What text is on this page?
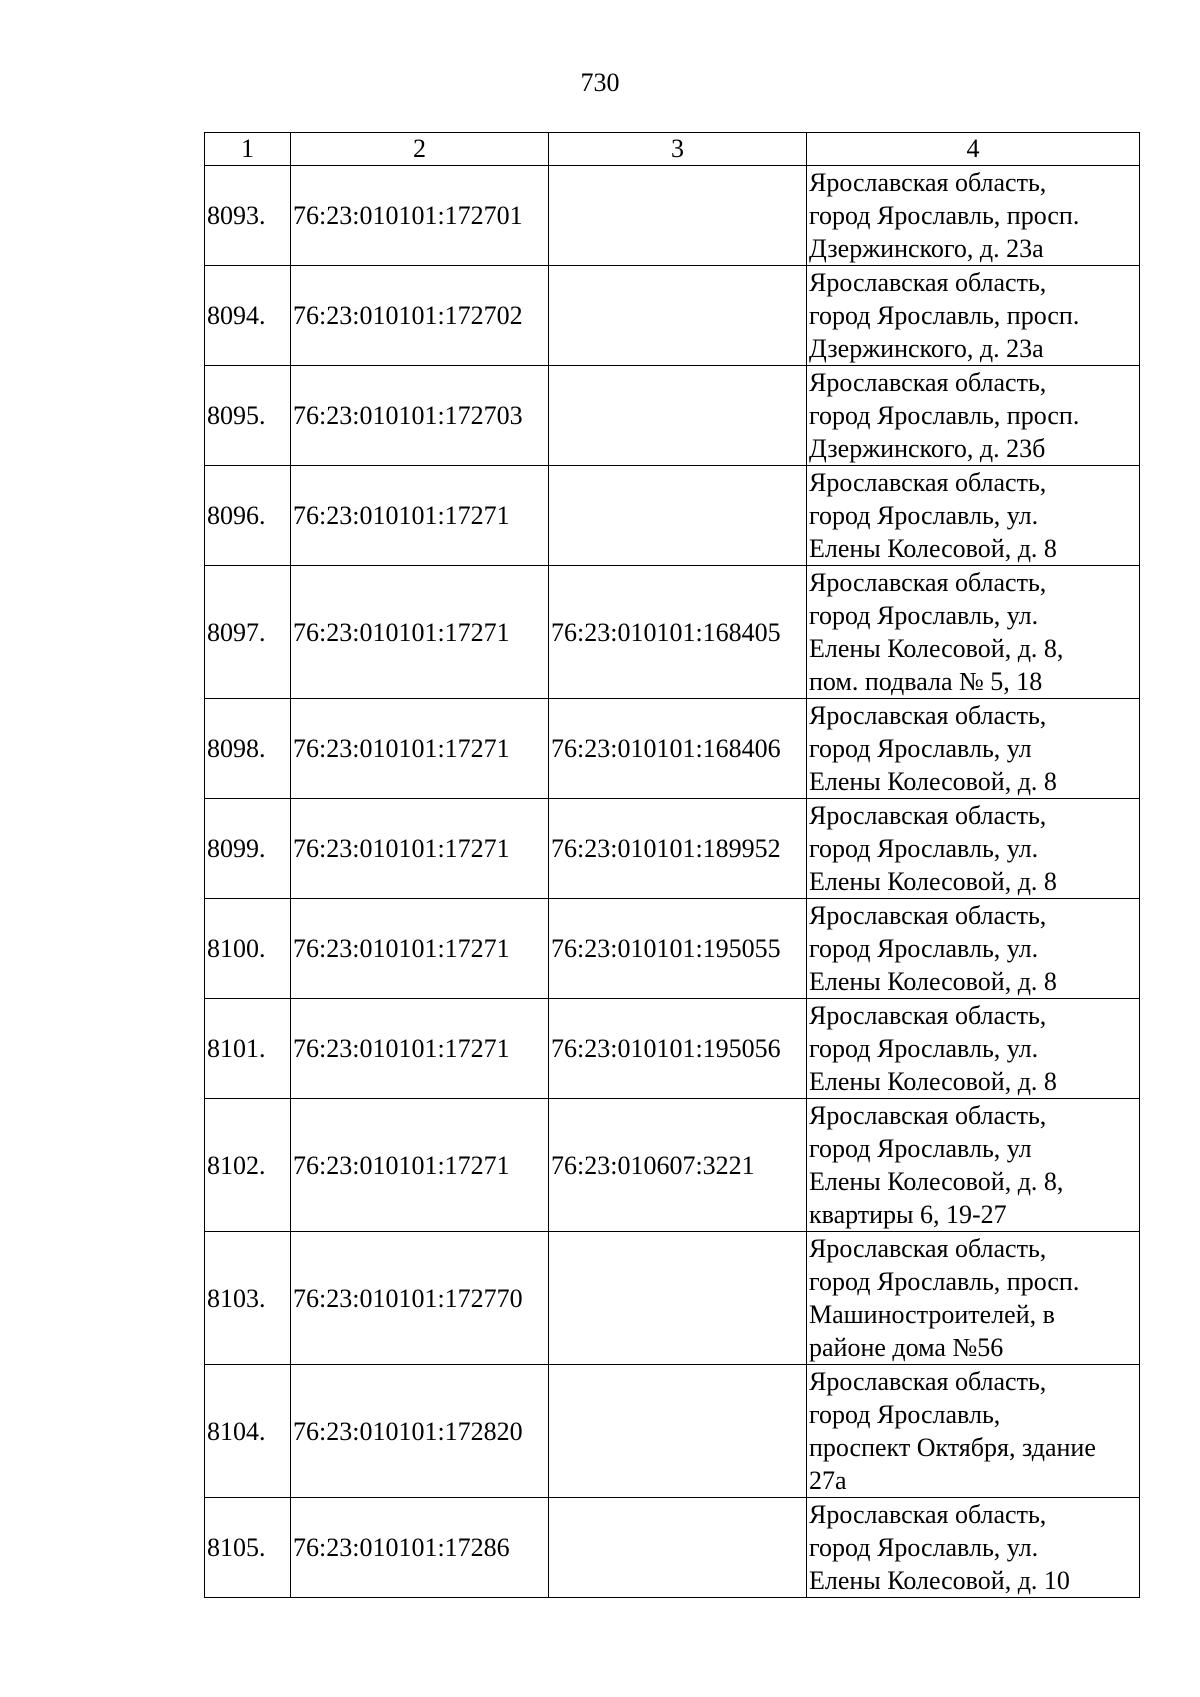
730
1	2	3	4
8093.	76:23:010101:172701		Ярославская область,
город Ярославль, просп.
Дзержинского, д. 23а

8094.	76:23:010101:172702		Ярославская область,
город Ярославль, просп.
Дзержинского, д. 23а

8095.	76:23:010101:172703		Ярославская область,
город Ярославль, просп.
Дзержинского, д. 23б

8096.	76:23:010101:17271		Ярославская область,
город Ярославль, ул.
Елены Колесовой, д. 8

8097.	76:23:010101:17271	76:23:010101:168405	Ярославская область,
город Ярославль, ул.
Елены Колесовой, д. 8,
пом. подвала № 5, 18

8098.	76:23:010101:17271	76:23:010101:168406	Ярославская область,
город Ярославль, ул
Елены Колесовой, д. 8

8099.	76:23:010101:17271	76:23:010101:189952	Ярославская область,
город Ярославль, ул.
Елены Колесовой, д. 8

8100.	76:23:010101:17271	76:23:010101:195055	Ярославская область,
город Ярославль, ул.
Елены Колесовой, д. 8

8101.	76:23:010101:17271	76:23:010101:195056	Ярославская область,
город Ярославль, ул.
Елены Колесовой, д. 8

8102.	76:23:010101:17271	76:23:010607:3221	Ярославская область,
город Ярославль, ул
Елены Колесовой, д. 8,
квартиры 6, 19-27

8103.	76:23:010101:172770		Ярославская область,
город Ярославль, просп.
Машиностроителей, в
районе дома №56

8104.	76:23:010101:172820		Ярославская область,
город Ярославль,
проспект Октября, здание
27а

8105.	76:23:010101:17286		Ярославская область,
город Ярославль, ул.
Елены Колесовой, д. 10
